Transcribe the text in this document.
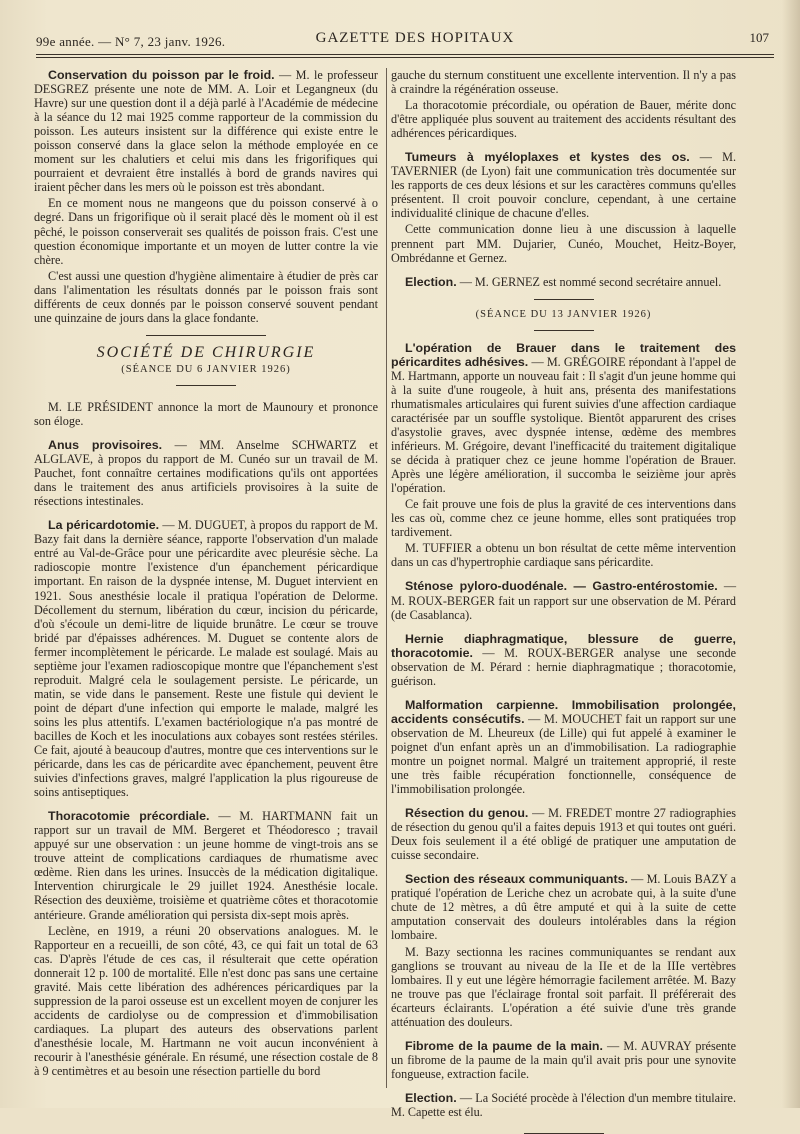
99e année. — N° 7, 23 janv. 1926.	GAZETTE DES HOPITAUX	107

Conservation du poisson par le froid. — M. le professeur DESGREZ présente une note de MM. A. Loir et Legangneux (du Havre) sur une question dont il a déjà parlé à l'Académie de médecine à la séance du 12 mai 1925 comme rapporteur de la commission du poisson. Les auteurs insistent sur la différence qui existe entre le poisson conservé dans la glace selon la méthode employée en ce moment sur les chalutiers et celui mis dans les frigorifiques qui pourraient et devraient être installés à bord de grands navires qui iraient pêcher dans les mers où le poisson est très abondant.

En ce moment nous ne mangeons que du poisson conservé à o degré. Dans un frigorifique où il serait placé dès le moment où il est pêché, le poisson conserverait ses qualités de poisson frais. C'est une question économique importante et un moyen de lutter contre la vie chère.

C'est aussi une question d'hygiène alimentaire à étudier de près car dans l'alimentation les résultats donnés par le poisson frais sont différents de ceux donnés par le poisson conservé souvent pendant une quinzaine de jours dans la glace fondante.

SOCIÉTÉ DE CHIRURGIE
(SÉANCE DU 6 JANVIER 1926)

M. LE PRÉSIDENT annonce la mort de Maunoury et prononce son éloge.

Anus provisoires. — MM. Anselme SCHWARTZ et ALGLAVE, à propos du rapport de M. Cunéo sur un travail de M. Pauchet, font connaître certaines modifications qu'ils ont apportées dans le traitement des anus artificiels provisoires à la suite de résections intestinales.

La péricardotomie. — M. DUGUET, à propos du rapport de M. Bazy fait dans la dernière séance, rapporte l'observation d'un malade entré au Val-de-Grâce pour une péricardite avec pleurésie sèche. La radioscopie montre l'existence d'un épanchement péricardique important. En raison de la dyspnée intense, M. Duguet intervient en 1921. Sous anesthésie locale il pratiqua l'opération de Delorme. Décollement du sternum, libération du cœur, incision du péricarde, d'où s'écoule un demi-litre de liquide brunâtre. Le cœur se trouve bridé par d'épaisses adhérences. M. Duguet se contente alors de fermer incomplètement le péricarde. Le malade est soulagé. Mais au septième jour l'examen radioscopique montre que l'épanchement s'est reproduit. Malgré cela le soulagement persiste. Le péricarde, un matin, se vide dans le pansement. Reste une fistule qui devient le point de départ d'une infection qui emporte le malade, malgré les soins les plus attentifs. L'examen bactériologique n'a pas montré de bacilles de Koch et les inoculations aux cobayes sont restées stériles. Ce fait, ajouté à beaucoup d'autres, montre que ces interventions sur le péricarde, dans les cas de péricardite avec épanchement, peuvent être suivies d'infections graves, malgré l'application la plus rigoureuse de soins antiseptiques.

Thoracotomie précordiale. — M. HARTMANN fait un rapport sur un travail de MM. Bergeret et Théodoresco ; travail appuyé sur une observation : un jeune homme de vingt-trois ans se trouve atteint de complications cardiaques de rhumatisme avec œdème. Rien dans les urines. Insuccès de la médication digitalique. Intervention chirurgicale le 29 juillet 1924. Anesthésie locale. Résection des deuxième, troisième et quatrième côtes et thoracotomie antérieure. Grande amélioration qui persista dix-sept mois après.

Leclène, en 1919, a réuni 20 observations analogues. M. le Rapporteur en a recueilli, de son côté, 43, ce qui fait un total de 63 cas. D'après l'étude de ces cas, il résulterait que cette opération donnerait 12 p. 100 de mortalité. Elle n'est donc pas sans une certaine gravité. Mais cette libération des adhérences péricardiques par la suppression de la paroi osseuse est un excellent moyen de conjurer les accidents de cardiolyse ou de compression et d'immobilisation cardiaques. La plupart des auteurs des observations parlent d'anesthésie locale, M. Hartmann ne voit aucun inconvénient à recourir à l'anesthésie générale. En résumé, une résection costale de 8 à 9 centimètres et au besoin une résection partielle du bord

gauche du sternum constituent une excellente intervention. Il n'y a pas à craindre la régénération osseuse.

La thoracotomie précordiale, ou opération de Bauer, mérite donc d'être appliquée plus souvent au traitement des accidents résultant des adhérences péricardiques.

Tumeurs à myéloplaxes et kystes des os. — M. TAVERNIER (de Lyon) fait une communication très documentée sur les rapports de ces deux lésions et sur les caractères communs qu'elles présentent. Il croit pouvoir conclure, cependant, à une certaine individualité clinique de chacune d'elles.

Cette communication donne lieu à une discussion à laquelle prennent part MM. Dujarier, Cunéo, Mouchet, Heitz-Boyer, Ombrédanne et Gernez.

Election. — M. GERNEZ est nommé second secrétaire annuel.

(SÉANCE DU 13 JANVIER 1926)

L'opération de Brauer dans le traitement des péricardites adhésives. — M. GRÉGOIRE répondant à l'appel de M. Hartmann, apporte un nouveau fait : Il s'agit d'un jeune homme qui à la suite d'une rougeole, à huit ans, présenta des manifestations rhumatismales articulaires qui furent suivies d'une affection cardiaque caractérisée par un souffle systolique. Bientôt apparurent des crises d'asystolie graves, avec dyspnée intense, œdème des membres inférieurs. M. Grégoire, devant l'inefficacité du traitement digitalique se décida à pratiquer chez ce jeune homme l'opération de Brauer. Après une légère amélioration, il succomba le seizième jour après l'opération.

Ce fait prouve une fois de plus la gravité de ces interventions dans les cas où, comme chez ce jeune homme, elles sont pratiquées trop tardivement.

M. TUFFIER a obtenu un bon résultat de cette même intervention dans un cas d'hypertrophie cardiaque sans péricardite.

Sténose pyloro-duodénale. — Gastro-entérostomie. — M. ROUX-BERGER fait un rapport sur une observation de M. Pérard (de Casablanca).

Hernie diaphragmatique, blessure de guerre, thoracotomie. — M. ROUX-BERGER analyse une seconde observation de M. Pérard : hernie diaphragmatique ; thoracotomie, guérison.

Malformation carpienne. Immobilisation prolongée, accidents consécutifs. — M. MOUCHET fait un rapport sur une observation de M. Lheureux (de Lille) qui fut appelé à examiner le poignet d'un enfant après un an d'immobilisation. La radiographie montre un poignet normal. Malgré un traitement approprié, il reste une très faible récupération fonctionnelle, conséquence de l'immobilisation prolongée.

Résection du genou. — M. FREDET montre 27 radiographies de résection du genou qu'il a faites depuis 1913 et qui toutes ont guéri. Deux fois seulement il a été obligé de pratiquer une amputation de cuisse secondaire.

Section des réseaux communiquants. — M. Louis BAZY a pratiqué l'opération de Leriche chez un acrobate qui, à la suite d'une chute de 12 mètres, a dû être amputé et qui à la suite de cette amputation conservait des douleurs intolérables dans la région lombaire.

M. Bazy sectionna les racines communiquantes se rendant aux ganglions se trouvant au niveau de la IIe et de la IIIe vertèbres lombaires. Il y eut une légère hémorragie facilement arrêtée. M. Bazy ne trouve pas que l'éclairage frontal soit parfait. Il préférerait des écarteurs éclairants. L'opération a été suivie d'une très grande atténuation des douleurs.

Fibrome de la paume de la main. — M. AUVRAY présente un fibrome de la paume de la main qu'il avait pris pour une synovite fongueuse, extraction facile.

Election. — La Société procède à l'élection d'un membre titulaire. M. Capette est élu.
